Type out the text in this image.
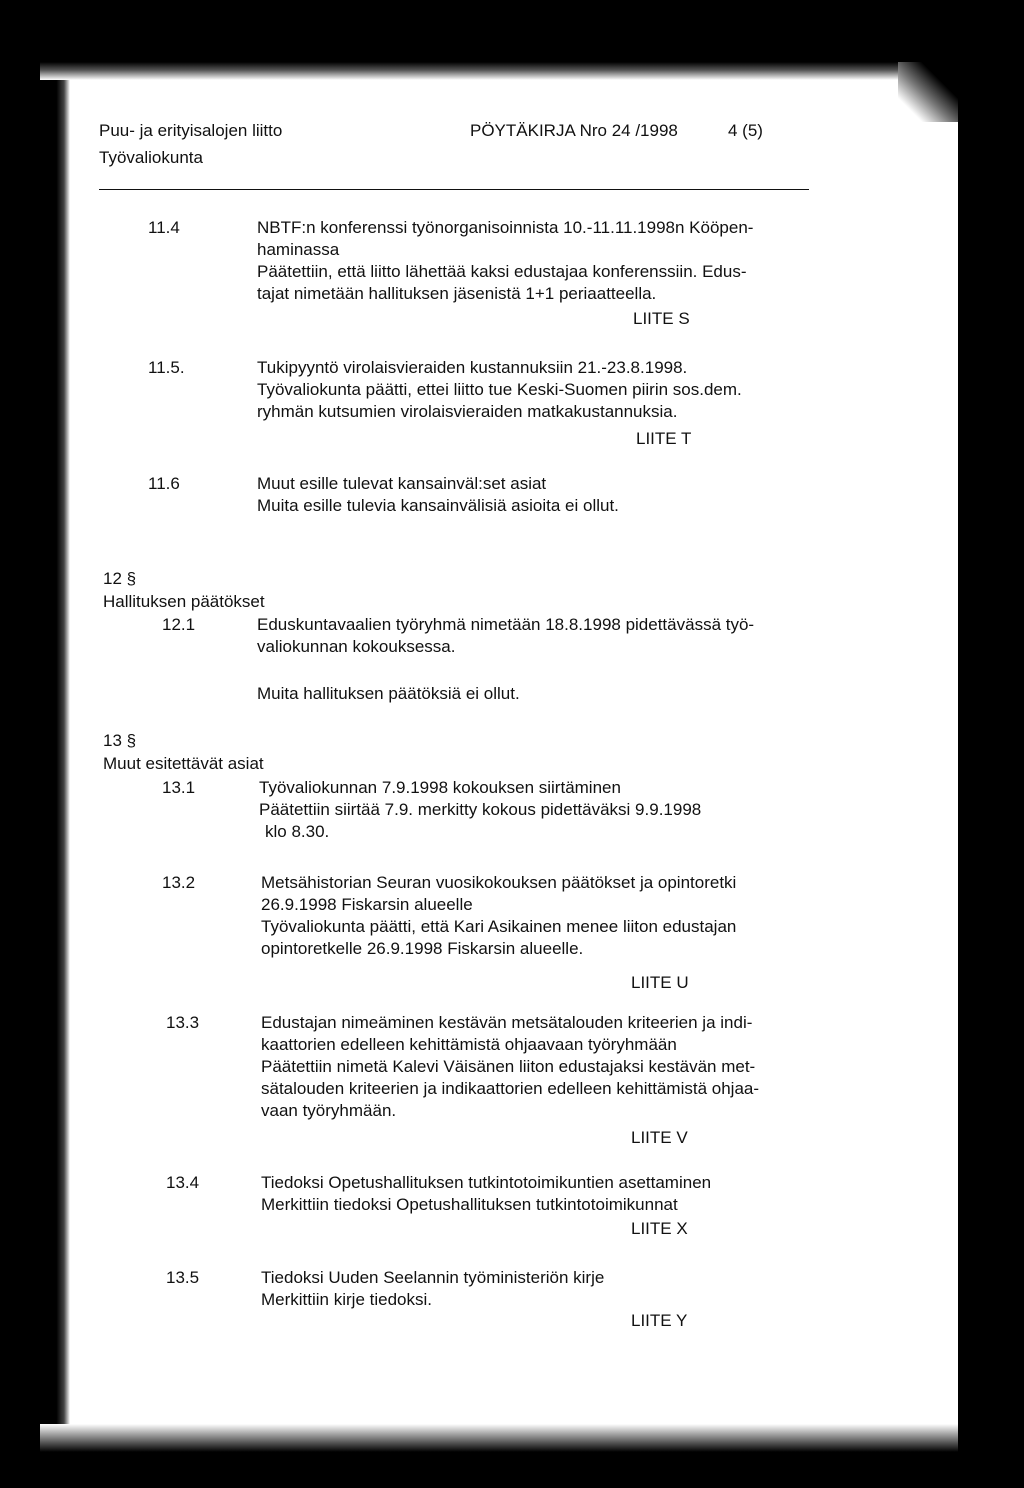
Puu- ja erityisalojen liitto
Työvaliokunta
PÖYTÄKIRJA Nro 24 /1998	4 (5)
11.4	NBTF:n konferenssi työnorganisoinnista 10.-11.11.1998n Kööpen-
haminassa
Päätettiin, että liitto lähettää kaksi edustajaa konferenssiin. Edus-
tajat nimetään hallituksen jäsenistä 1+1 periaatteella.
LIITE S
11.5.	Tukipyyntö virolaisvieraiden kustannuksiin 21.-23.8.1998.
Työvaliokunta päätti, ettei liitto tue Keski-Suomen piirin sos.dem.
ryhmän kutsumien virolaisvieraiden matkakustannuksia.
LIITE T
11.6	Muut esille tulevat kansainväl:set asiat
Muita esille tulevia kansainvälisiä asioita ei ollut.
12 §
Hallituksen päätökset
12.1	Eduskuntavaalien työryhmä nimetään 18.8.1998 pidettävässä työ-
valiokunnan kokouksessa.
Muita hallituksen päätöksiä ei ollut.
13 §
Muut esitettävät asiat
13.1	Työvaliokunnan 7.9.1998 kokouksen siirtäminen
Päätettiin siirtää 7.9. merkitty kokous pidettäväksi 9.9.1998
klo 8.30.
13.2	Metsähistorian Seuran vuosikokouksen päätökset ja opintoretki
26.9.1998 Fiskarsin alueelle
Työvaliokunta päätti, että Kari Asikainen menee liiton edustajan
opintoretkelle 26.9.1998 Fiskarsin alueelle.
LIITE U
13.3	Edustajan nimeäminen kestävän metsätalouden kriteerien ja indi-
kaattorien edelleen kehittämistä ohjaavaan työryhmään
Päätettiin nimetä Kalevi Väisänen liiton edustajaksi kestävän met-
sätalouden kriteerien ja indikaattorien edelleen kehittämistä ohjaa-
vaan työryhmään.
LIITE V
13.4	Tiedoksi Opetushallituksen tutkintotoimikuntien asettaminen
Merkittiin tiedoksi Opetushallituksen tutkintotoimikunnat
LIITE X
13.5	Tiedoksi Uuden Seelannin työministeriön kirje
Merkittiin kirje tiedoksi.
LIITE Y
